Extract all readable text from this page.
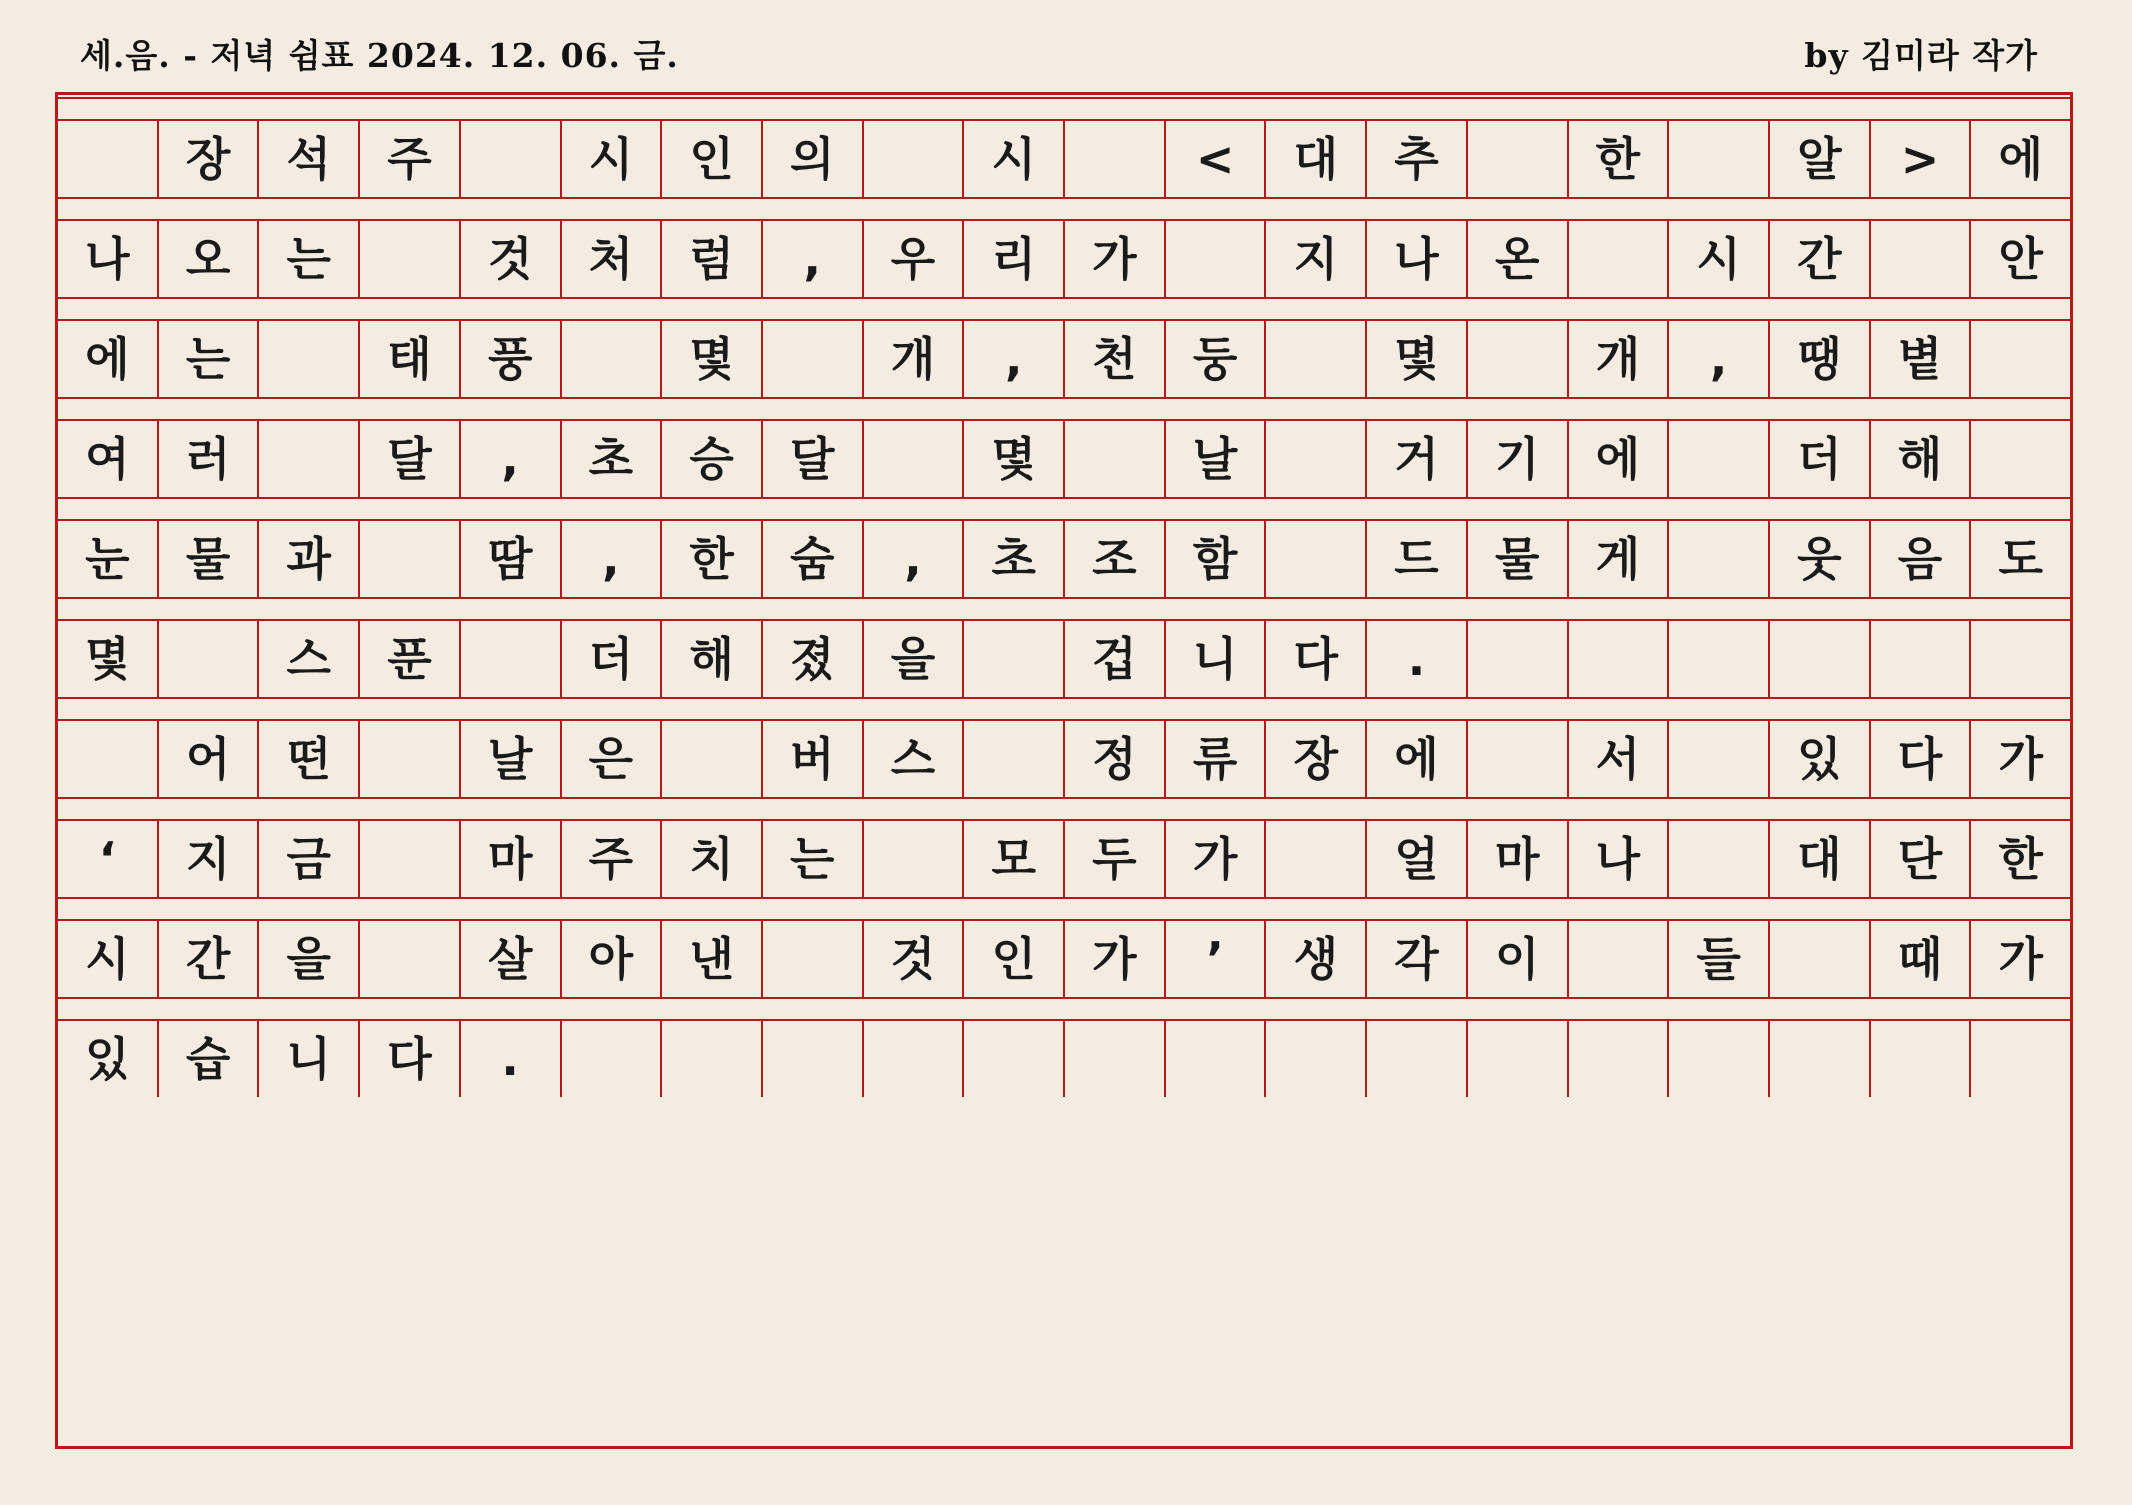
세.음. - 저녁 쉼표 2024. 12. 06. 금.	by 김미라 작가
장	석	주	시	인	의	시	<	대	추	한	알	>	에
나	오	는	것	처	럼	,	우	리	가	지	나	온	시	간	안
에	는	태	풍	몇	개	,	천	둥	몇	개	,	땡	볕
여	러	달	,	초	승	달	몇	날	거	기	에	더	해
눈	물	과	땀	,	한	숨	,	초	조	함	드	물	게	웃	음	도
몇	스	푼	더	해	졌	을	겁	니	다	.
어	떤	날	은	버	스	정	류	장	에	서	있	다	가
‘	지	금	마	주	치	는	모	두	가	얼	마	나	대	단	한
시	간	을	살	아	낸	것	인	가	’	생	각	이	들	때	가
있	습	니	다	.
